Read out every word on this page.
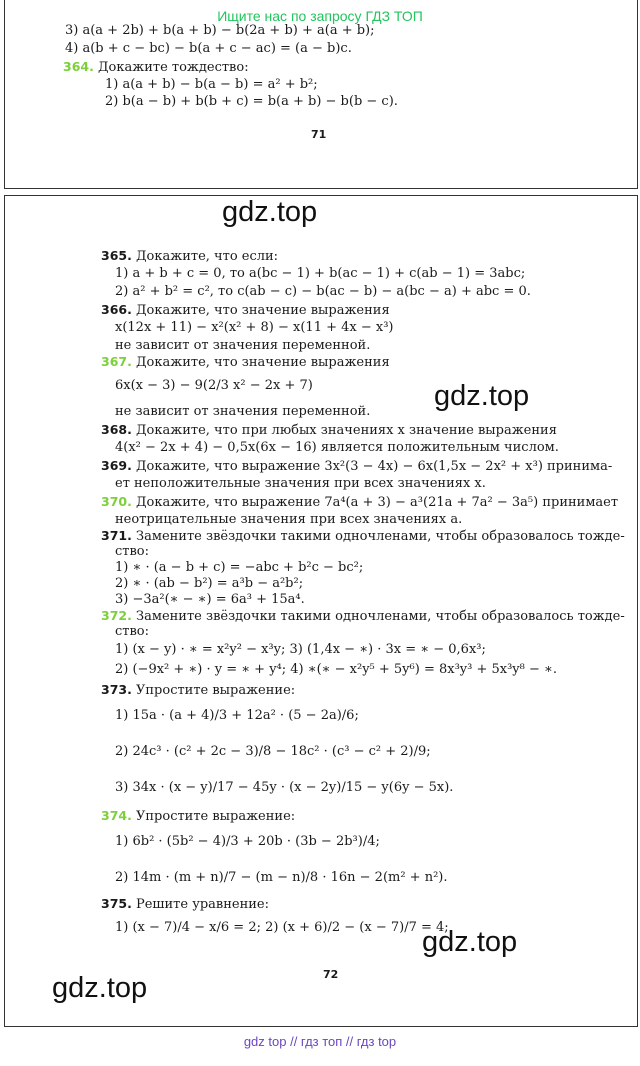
Ищите нас по запросу ГДЗ ТОП
3) a(a + 2b) + b(a + b) − b(2a + b) + a(a + b);
4) a(b + c − bc) − b(a + c − ac) = (a − b)c.
364. Докажите тождество:
1) a(a + b) − b(a − b) = a² + b²;
2) b(a − b) + b(b + c) = b(a + b) − b(b − c).
71
365. Докажите, что если:
1) a + b + c = 0, то a(bc − 1) + b(ac − 1) + c(ab − 1) = 3abc;
2) a² + b² = c², то c(ab − c) − b(ac − b) − a(bc − a) + abc = 0.
366. Докажите, что значение выражения
x(12x + 11) − x²(x² + 8) − x(11 + 4x − x³)
не зависит от значения переменной.
367. Докажите, что значение выражения
6x(x − 3) − 9(2/3 x² − 2x + 7)
не зависит от значения переменной.
368. Докажите, что при любых значениях x значение выражения
4(x² − 2x + 4) − 0,5x(6x − 16) является положительным числом.
369. Докажите, что выражение 3x²(3 − 4x) − 6x(1,5x − 2x² + x³) принима-
ет неположительные значения при всех значениях x.
370. Докажите, что выражение 7a⁴(a + 3) − a³(21a + 7a² − 3a⁵) принимает
неотрицательные значения при всех значениях a.
371. Замените звёздочки такими одночленами, чтобы образовалось тожде-
ство:
1) ∗ · (a − b + c) = −abc + b²c − bc²;
2) ∗ · (ab − b²) = a³b − a²b²;
3) −3a²(∗ − ∗) = 6a³ + 15a⁴.
372. Замените звёздочки такими одночленами, чтобы образовалось тожде-
ство:
1) (x − y) · ∗ = x²y² − x³y; 3) (1,4x − ∗) · 3x = ∗ − 0,6x³;
2) (−9x² + ∗) · y = ∗ + y⁴; 4) ∗(∗ − x²y⁵ + 5y⁶) = 8x³y³ + 5x³y⁸ − ∗.
373. Упростите выражение:
1) 15a · (a + 4)/3 + 12a² · (5 − 2a)/6;
2) 24c³ · (c² + 2c − 3)/8 − 18c² · (c³ − c² + 2)/9;
3) 34x · (x − y)/17 − 45y · (x − 2y)/15 − y(6y − 5x).
374. Упростите выражение:
1) 6b² · (5b² − 4)/3 + 20b · (3b − 2b³)/4;
2) 14m · (m + n)/7 − (m − n)/8 · 16n − 2(m² + n²).
375. Решите уравнение:
1) (x − 7)/4 − x/6 = 2; 2) (x + 6)/2 − (x − 7)/7 = 4;
72
gdz.top
gdz.top
gdz.top
gdz.top
gdz top // гдз топ // гдз top
